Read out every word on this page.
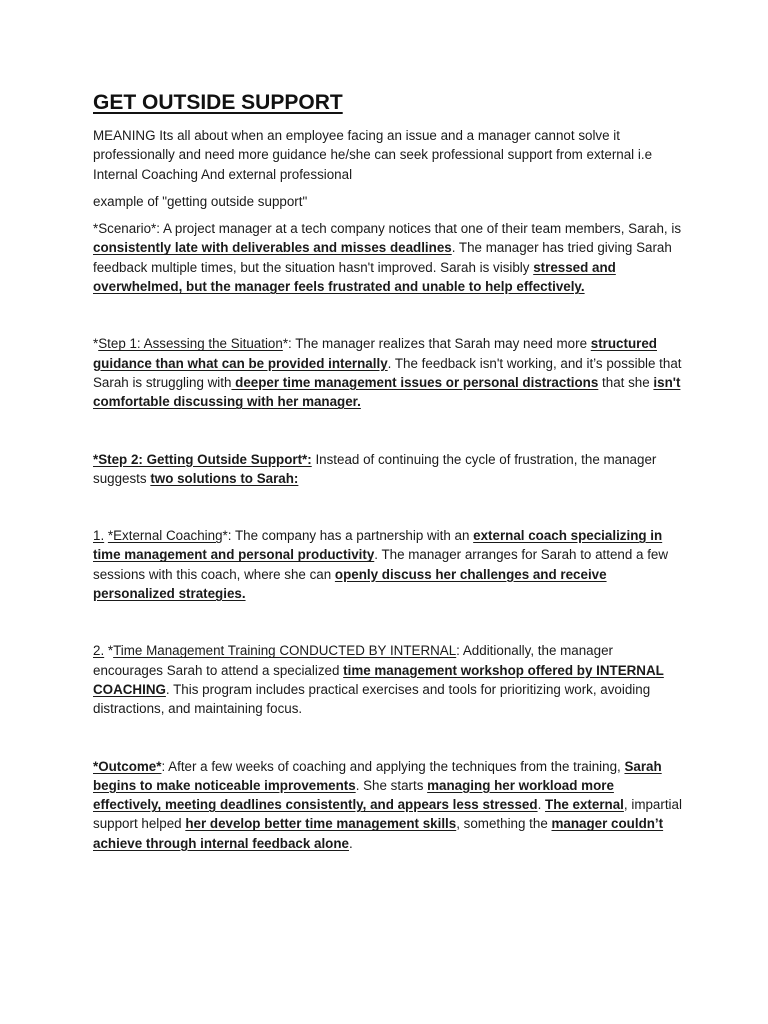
GET OUTSIDE SUPPORT

MEANING Its all about when an employee facing an issue and a manager cannot solve it professionally and need more guidance he/she can seek professional support from external i.e Internal Coaching And external professional

example of "getting outside support"

*Scenario*: A project manager at a tech company notices that one of their team members, Sarah, is consistently late with deliverables and misses deadlines. The manager has tried giving Sarah feedback multiple times, but the situation hasn't improved. Sarah is visibly stressed and overwhelmed, but the manager feels frustrated and unable to help effectively.

*Step 1: Assessing the Situation*: The manager realizes that Sarah may need more structured guidance than what can be provided internally. The feedback isn't working, and it’s possible that Sarah is struggling with deeper time management issues or personal distractions that she isn't comfortable discussing with her manager.

*Step 2: Getting Outside Support*: Instead of continuing the cycle of frustration, the manager suggests two solutions to Sarah:

1. *External Coaching*: The company has a partnership with an external coach specializing in time management and personal productivity. The manager arranges for Sarah to attend a few sessions with this coach, where she can openly discuss her challenges and receive personalized strategies.

2. *Time Management Training CONDUCTED BY INTERNAL: Additionally, the manager encourages Sarah to attend a specialized time management workshop offered by INTERNAL COACHING. This program includes practical exercises and tools for prioritizing work, avoiding distractions, and maintaining focus.

*Outcome*: After a few weeks of coaching and applying the techniques from the training, Sarah begins to make noticeable improvements. She starts managing her workload more effectively, meeting deadlines consistently, and appears less stressed. The external, impartial support helped her develop better time management skills, something the manager couldn’t achieve through internal feedback alone.
